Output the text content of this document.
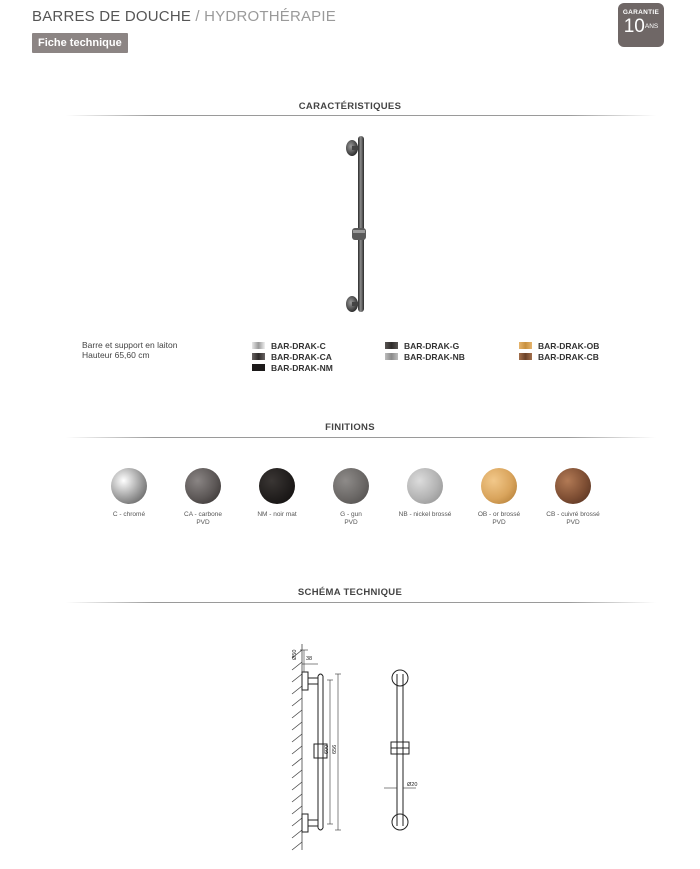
BARRES DE DOUCHE / HYDROTHÉRAPIE
Fiche technique
GARANTIE
10ANS
CARACTÉRISTIQUES
Barre et support en laiton
Hauteur 65,60 cm
BAR-DRAK-C
BAR-DRAK-CA
BAR-DRAK-NM
BAR-DRAK-G
BAR-DRAK-NB
BAR-DRAK-OB
BAR-DRAK-CB
FINITIONS
C - chromé	CA - carbone
PVD
NM - noir mat	G - gun
PVD
NB - nickel brossé	OB - or brossé
PVD
CB - cuivré brossé
PVD
SCHÉMA TECHNIQUE
Ø50 38
600 656
Ø20
